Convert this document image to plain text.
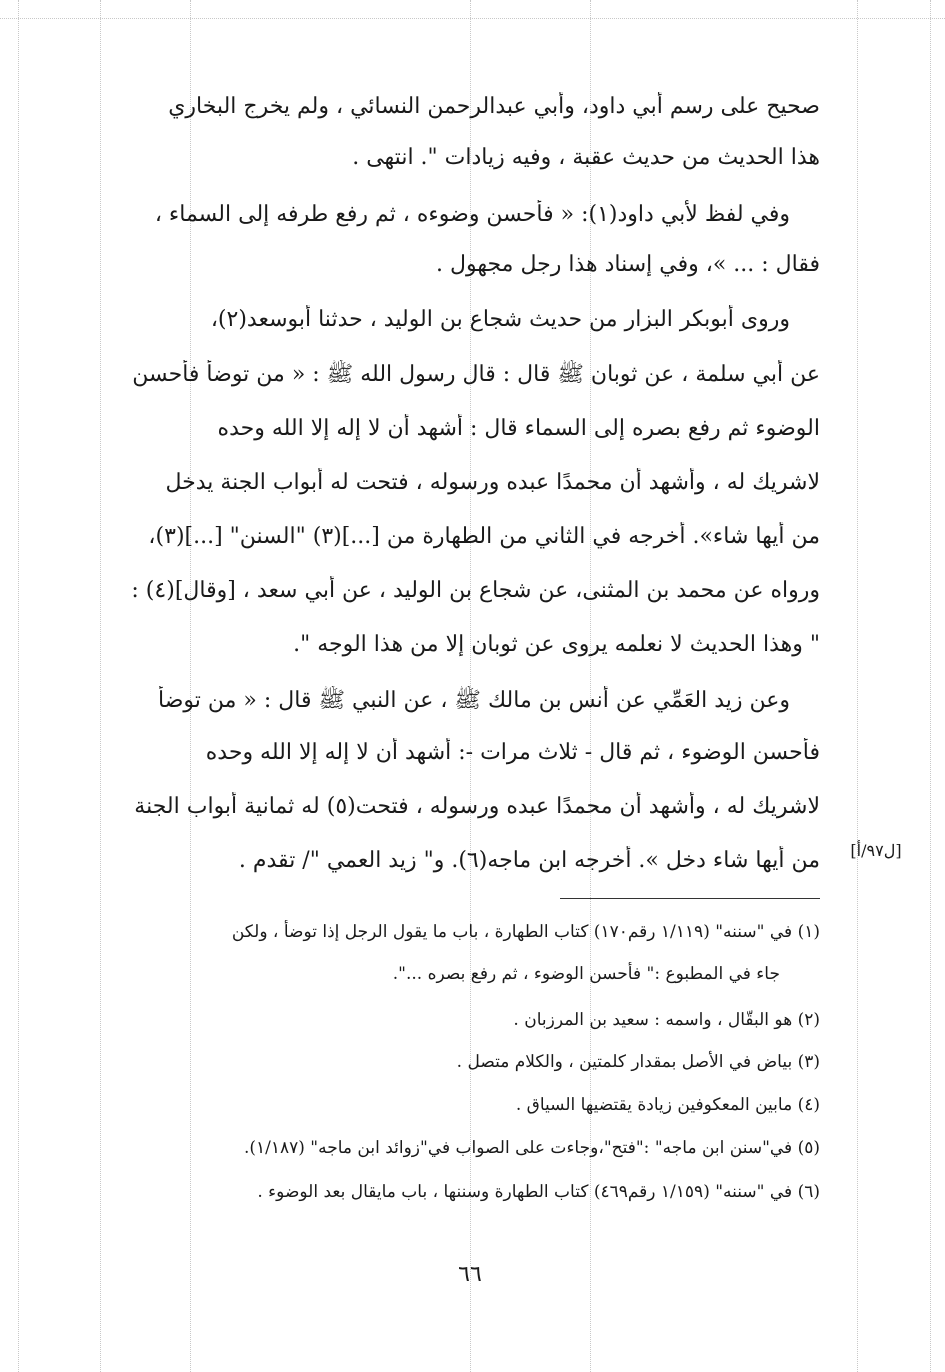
صحيح على رسم أبي داود، وأبي عبدالرحمن النسائي ، ولم يخرج البخاري
هذا الحديث من حديث عقبة ، وفيه زيادات ". انتهى .
وفي لفظ لأبي داود(١): « فأحسن وضوءه ، ثم رفع طرفه إلى السماء ،
فقال : ... »، وفي إسناد هذا رجل مجهول .
وروى أبوبكر البزار من حديث شجاع بن الوليد ، حدثنا أبوسعد(٢)،
عن أبي سلمة ، عن ثوبان ﷺ قال : قال رسول الله ﷺ : « من توضأ فأحسن
الوضوء ثم رفع بصره إلى السماء قال : أشهد أن لا إله إلا الله وحده
لاشريك له ، وأشهد أن محمدًا عبده ورسوله ، فتحت له أبواب الجنة يدخل
من أيها شاء». أخرجه في الثاني من الطهارة من [...](٣) "السنن" [...](٣)،
ورواه عن محمد بن المثنى، عن شجاع بن الوليد ، عن أبي سعد ، [وقال](٤) :
" وهذا الحديث لا نعلمه يروى عن ثوبان إلا من هذا الوجه ".
وعن زيد العَمِّي عن أنس بن مالك ﷺ ، عن النبي ﷺ قال : « من توضأ
فأحسن الوضوء ، ثم قال - ثلاث مرات -: أشهد أن لا إله إلا الله وحده
لاشريك له ، وأشهد أن محمدًا عبده ورسوله ، فتحت(٥) له ثمانية أبواب الجنة
من أيها شاء دخل ». أخرجه ابن ماجه(٦). و" زيد العمي "/ تقدم .	[ل٩٧/أ]
(١) في "سننه" (١/١١٩ رقم١٧٠) كتاب الطهارة ، باب ما يقول الرجل إذا توضأ ، ولكن
جاء في المطبوع :" فأحسن الوضوء ، ثم رفع بصره ...".
(٢) هو البقّال ، واسمه : سعيد بن المرزبان .
(٣) بياض في الأصل بمقدار كلمتين ، والكلام متصل .
(٤) مابين المعكوفين زيادة يقتضيها السياق .
(٥) في"سنن ابن ماجه" :"فتح"،وجاءت على الصواب في"زوائد ابن ماجه" (١/١٨٧).
(٦) في "سننه" (١/١٥٩ رقم٤٦٩) كتاب الطهارة وسننها ، باب مايقال بعد الوضوء .
٦٦
